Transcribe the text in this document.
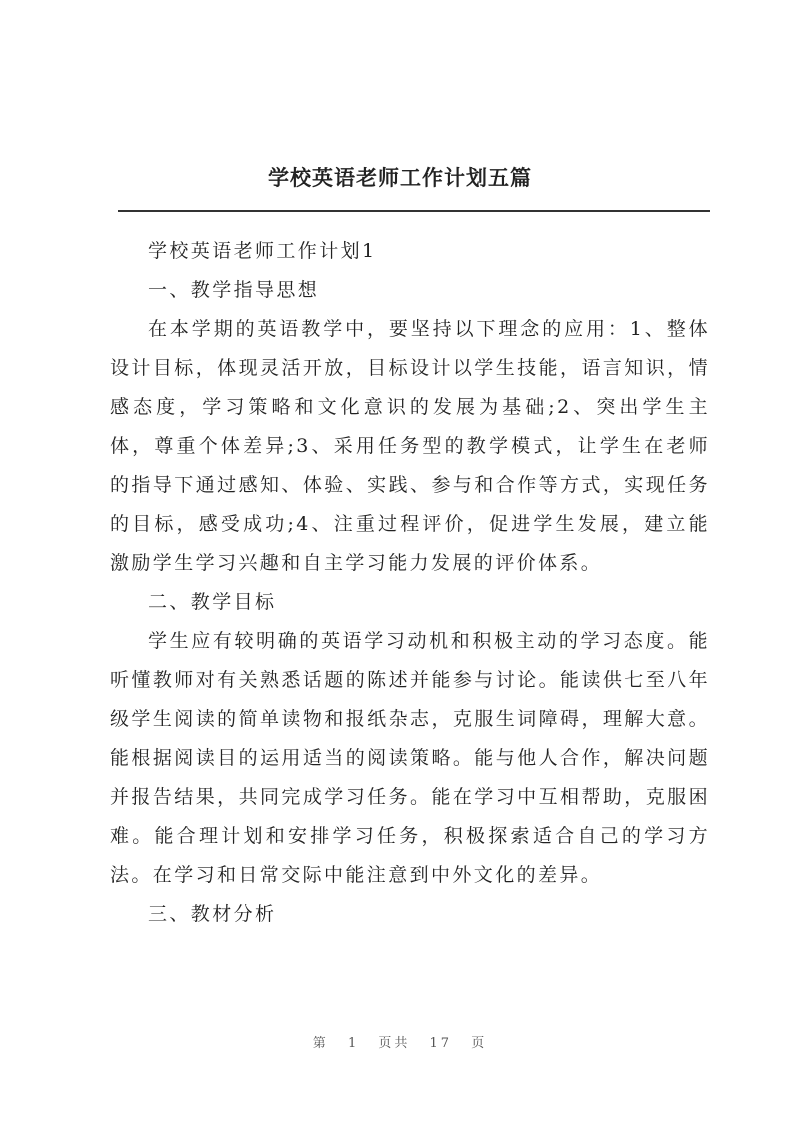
学校英语老师工作计划五篇

学校英语老师工作计划1

一、教学指导思想

在本学期的英语教学中，要坚持以下理念的应用：1、整体设计目标，体现灵活开放，目标设计以学生技能，语言知识，情感态度，学习策略和文化意识的发展为基础;2、突出学生主体，尊重个体差异;3、采用任务型的教学模式，让学生在老师的指导下通过感知、体验、实践、参与和合作等方式，实现任务的目标，感受成功;4、注重过程评价，促进学生发展，建立能激励学生学习兴趣和自主学习能力发展的评价体系。

二、教学目标

学生应有较明确的英语学习动机和积极主动的学习态度。能听懂教师对有关熟悉话题的陈述并能参与讨论。能读供七至八年级学生阅读的简单读物和报纸杂志，克服生词障碍，理解大意。能根据阅读目的运用适当的阅读策略。能与他人合作，解决问题并报告结果，共同完成学习任务。能在学习中互相帮助，克服困难。能合理计划和安排学习任务，积极探索适合自己的学习方法。在学习和日常交际中能注意到中外文化的差异。

三、教材分析

第 1 页共 17 页
